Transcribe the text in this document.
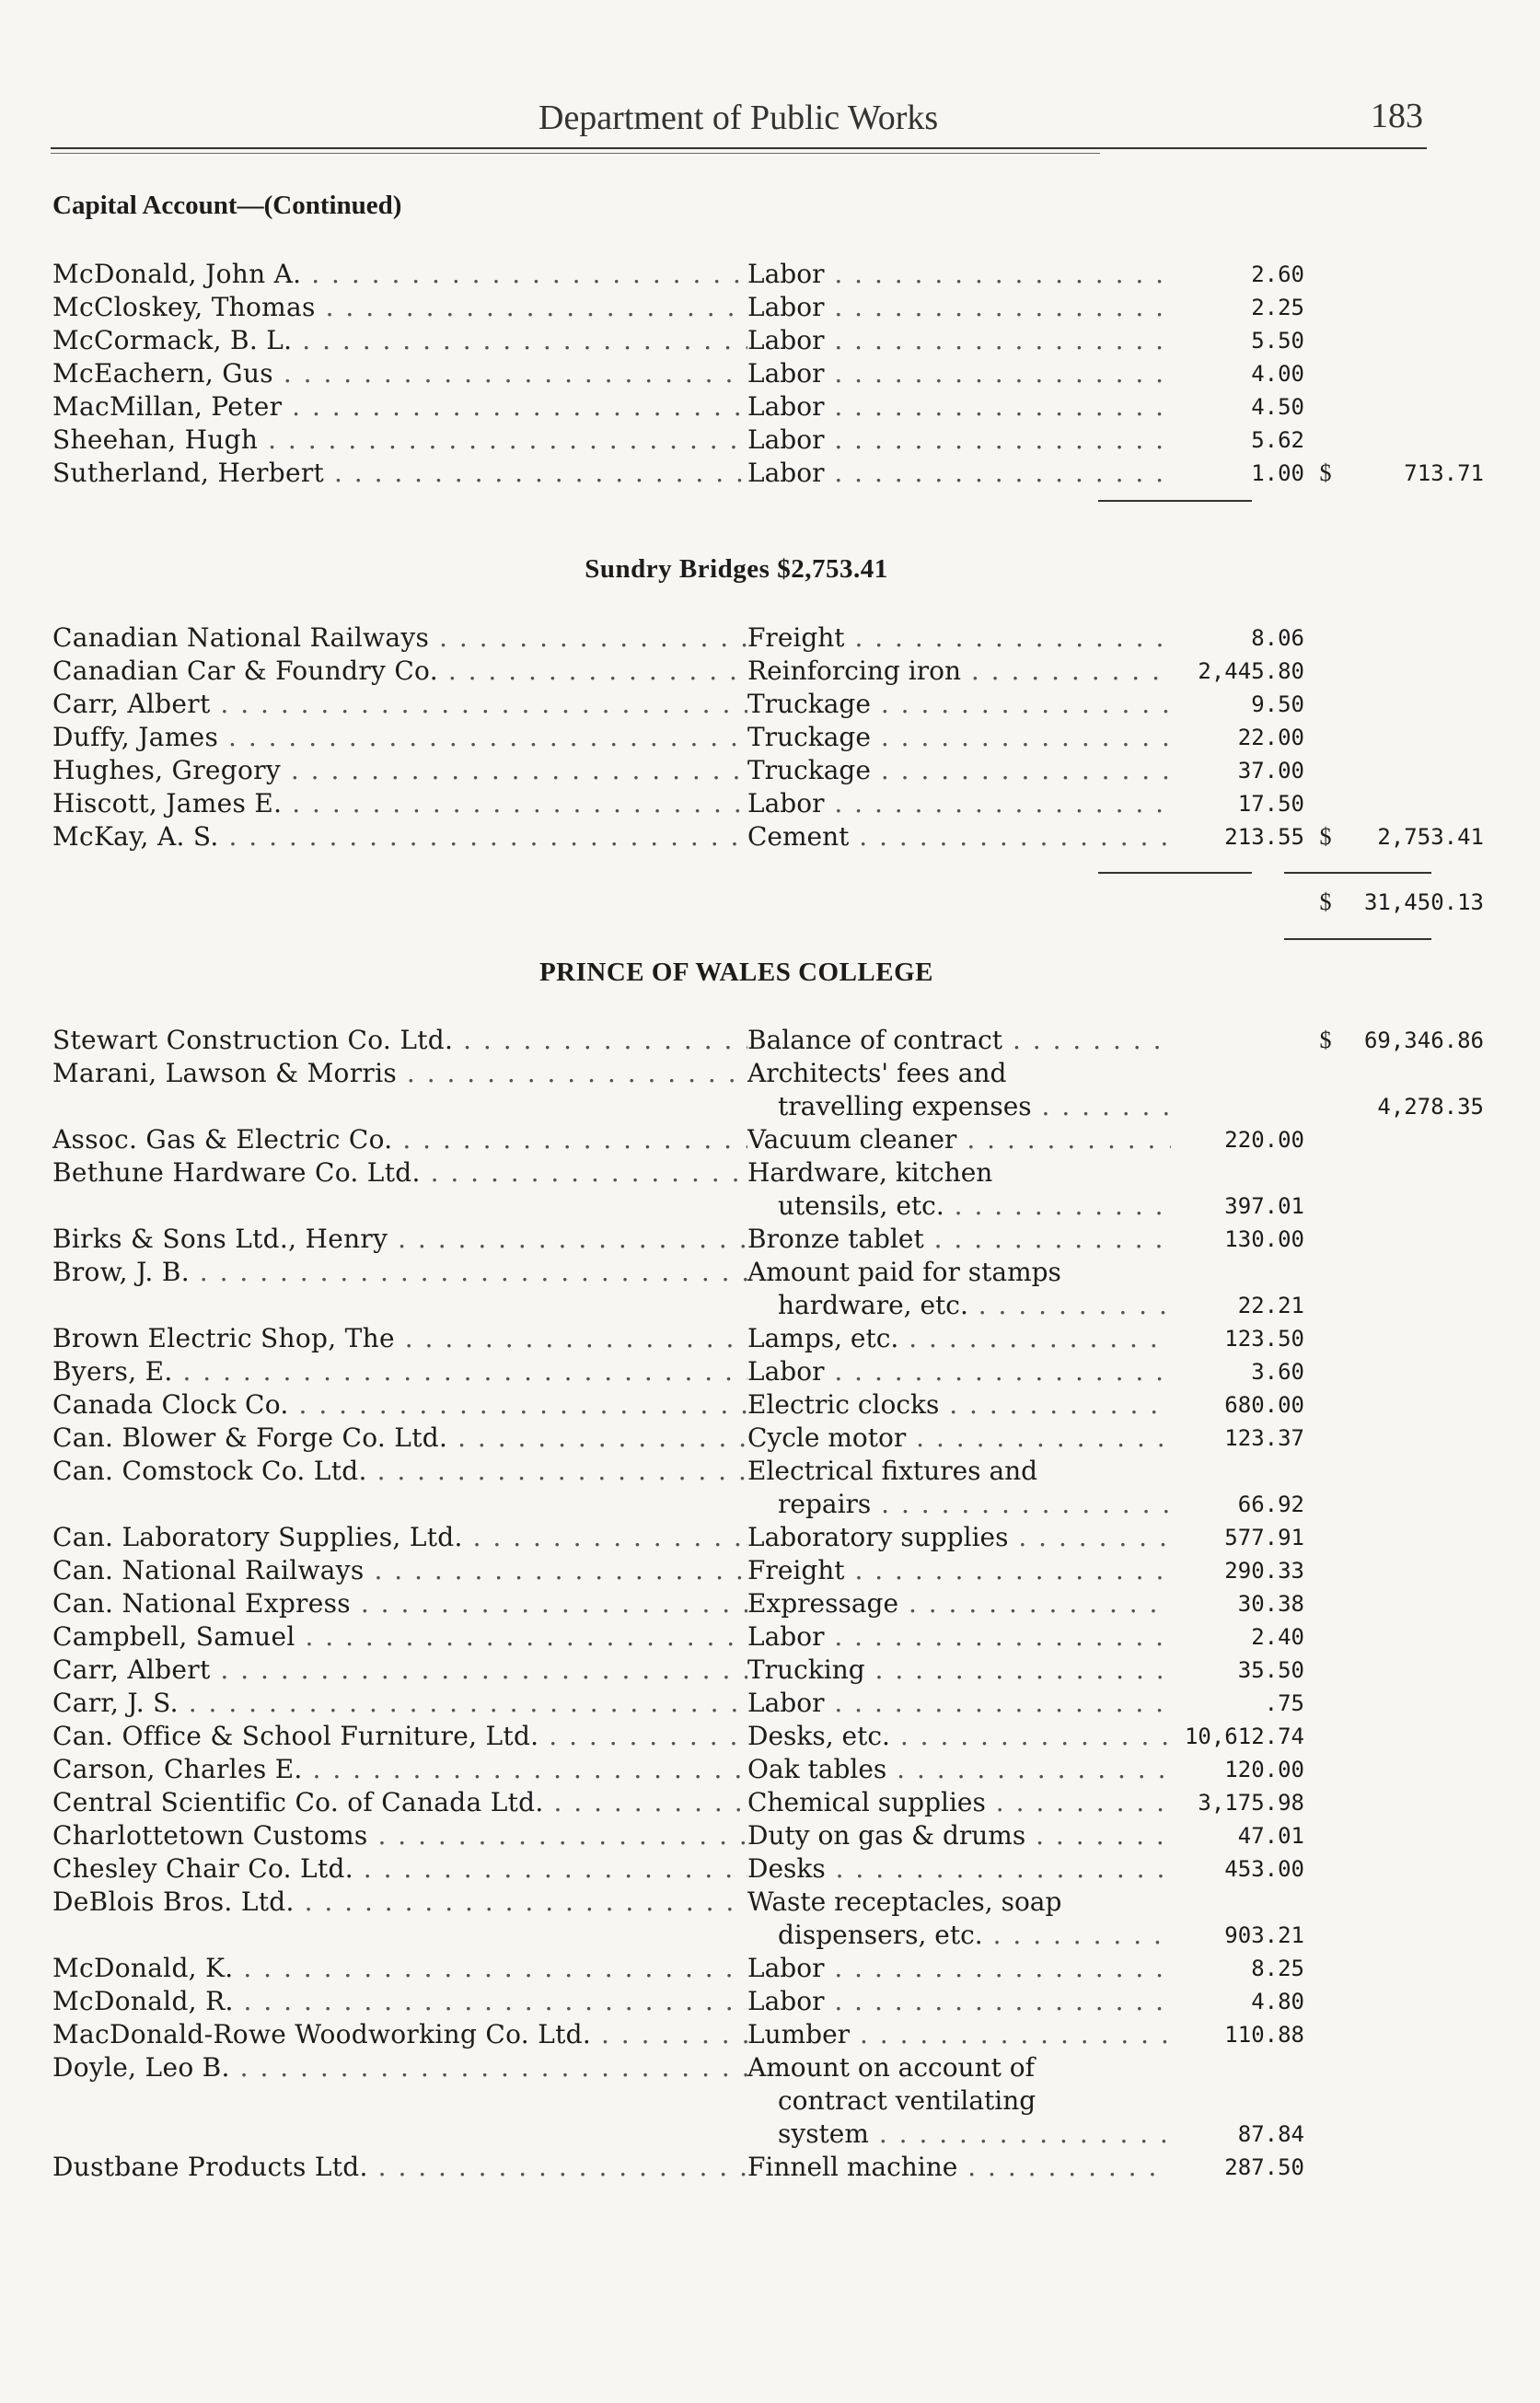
Department of Public Works	183
Capital Account—(Continued)
Sundry Bridges $2,753.41
PRINCE OF WALES COLLEGE
McDonald, John A. . . .	Labor . . .	2.60
McCloskey, Thomas . . .	Labor . . .	2.25
McCormack, B. L. . . .	Labor . . .	5.50
McEachern, Gus . . .	Labor . . .	4.00
MacMillan, Peter . . .	Labor . . .	4.50
Sheehan, Hugh . . .	Labor . . .	5.62
Sutherland, Herbert . . .	Labor . . .	1.00 $	713.71
Canadian National Railways . . .	Freight . . .	8.06
Canadian Car & Foundry Co. . . .	Reinforcing iron . . .	2,445.80
Carr, Albert . . .	Truckage . . .	9.50
Duffy, James . . .	Truckage . . .	22.00
Hughes, Gregory . . .	Truckage . . .	37.00
Hiscott, James E. . . .	Labor . . .	17.50
McKay, A. S. . . .	Cement . . .	213.55 $	2,753.41
Stewart Construction Co. Ltd. . . .	Balance of contract . . .	$	69,346.86
Marani, Lawson & Morris . . .	Architects' fees and
travelling expenses . . .	4,278.35
Assoc. Gas & Electric Co. . . .	Vacuum cleaner . . .	220.00
Bethune Hardware Co. Ltd. . . .	Hardware, kitchen
utensils, etc. . . .	397.01
Birks & Sons Ltd., Henry . . .	Bronze tablet . . .	130.00
Brow, J. B. . . .	Amount paid for stamps
hardware, etc. . . .	22.21
Brown Electric Shop, The . . .	Lamps, etc. . . .	123.50
Byers, E. . . .	Labor . . .	3.60
Canada Clock Co. . . .	Electric clocks . . .	680.00
Can. Blower & Forge Co. Ltd. . . .	Cycle motor . . .	123.37
Can. Comstock Co. Ltd. . . .	Electrical fixtures and
repairs . . .	66.92
Can. Laboratory Supplies, Ltd. . . .	Laboratory supplies . . .	577.91
Can. National Railways . . .	Freight . . .	290.33
Can. National Express . . .	Expressage . . .	30.38
Campbell, Samuel . . .	Labor . . .	2.40
Carr, Albert . . .	Trucking . . .	35.50
Carr, J. S. . . .	Labor . . .	.75
Can. Office & School Furniture, Ltd. . . .	Desks, etc. . . .	10,612.74
Carson, Charles E. . . .	Oak tables . . .	120.00
Central Scientific Co. of Canada Ltd. . . .	Chemical supplies . . .	3,175.98
Charlottetown Customs . . .	Duty on gas & drums . . .	47.01
Chesley Chair Co. Ltd. . . .	Desks . . .	453.00
DeBlois Bros. Ltd. . . .	Waste receptacles, soap
dispensers, etc. . . .	903.21
McDonald, K. . . .	Labor . . .	8.25
McDonald, R. . . .	Labor . . .	4.80
MacDonald-Rowe Woodworking Co. Ltd. . . .	Lumber . . .	110.88
Doyle, Leo B. . . .	Amount on account of
contract ventilating
system . . .	87.84
Dustbane Products Ltd. . . .	Finnell machine . . .	287.50
$	31,450.13
